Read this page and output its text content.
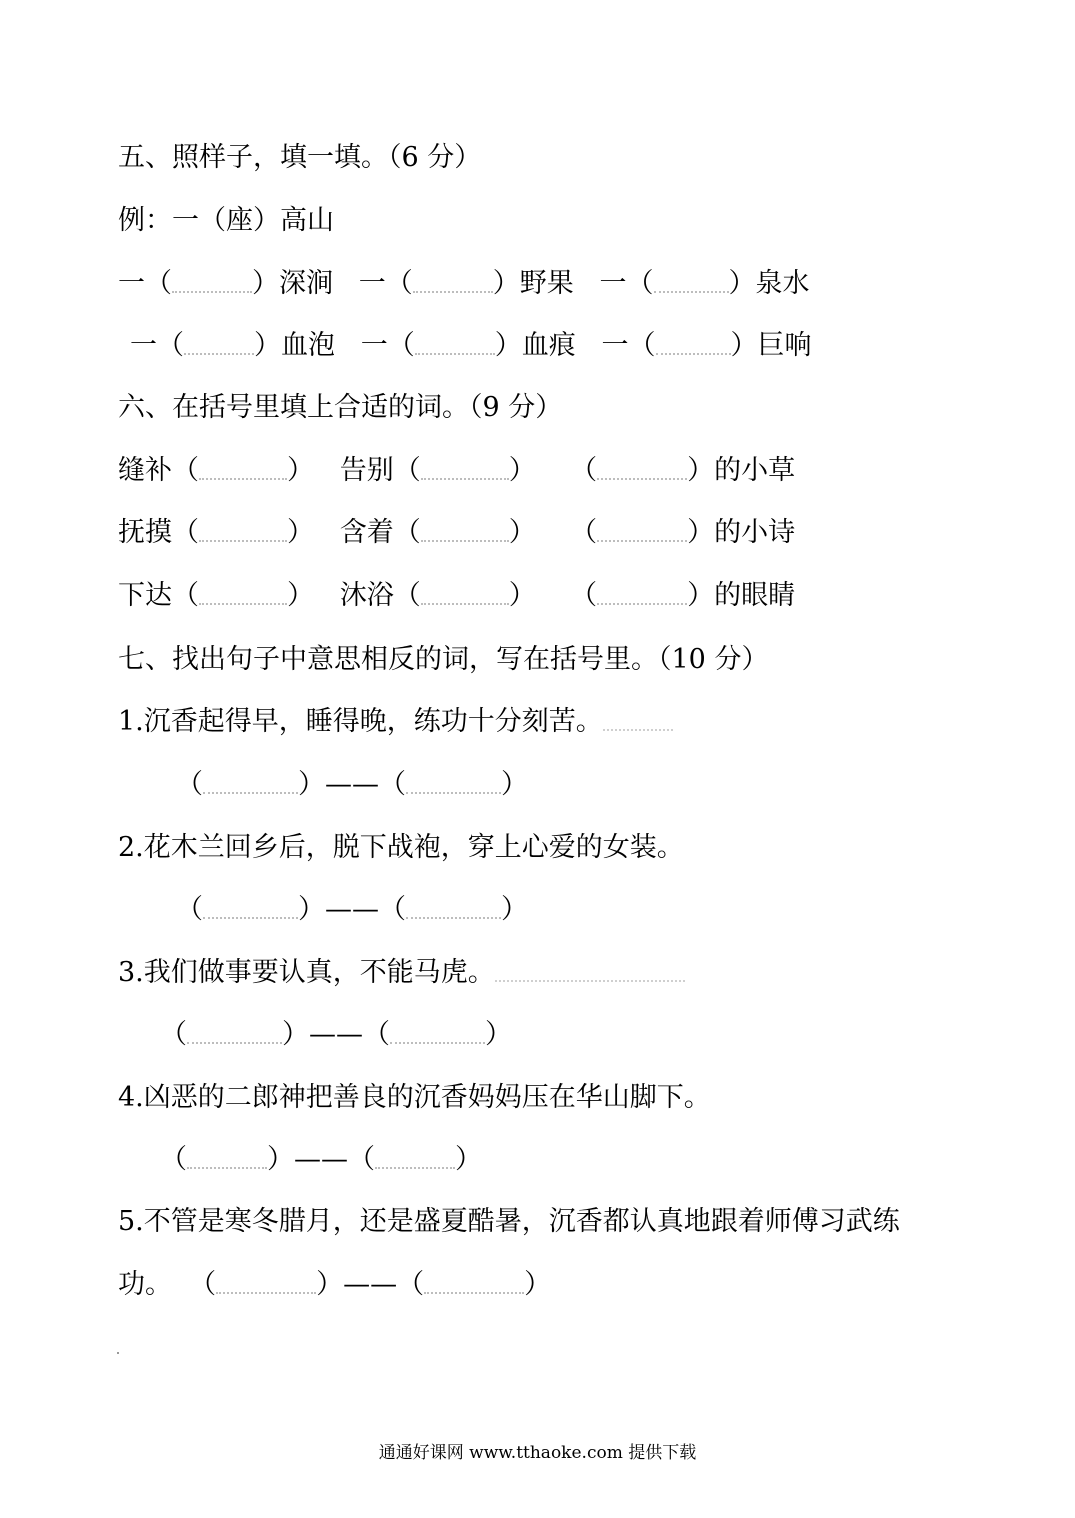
五、照样子，填一填。（6 分）
例：一（座）高山
一（	）深涧 一（	）野果 一（	）泉水
一（	）血泡 一（	）血痕 一（	）巨响
六、在括号里填上合适的词。（9 分）
缝补（	） 告别（	） （	）的小草
抚摸（	） 含着（	） （	）的小诗
下达（	） 沐浴（	） （	）的眼睛
七、找出句子中意思相反的词，写在括号里。（10 分）
1.沉香起得早，睡得晚，练功十分刻苦。
（	）——（	）
2.花木兰回乡后，脱下战袍，穿上心爱的女装。
（	）——（	）
3.我们做事要认真，不能马虎。
（	）——（	）
4.凶恶的二郎神把善良的沉香妈妈压在华山脚下。
（	）——（	）
5.不管是寒冬腊月，还是盛夏酷暑，沉香都认真地跟着师傅习武练
功。 （	）——（	）
通通好课网 www.tthaoke.com 提供下载
